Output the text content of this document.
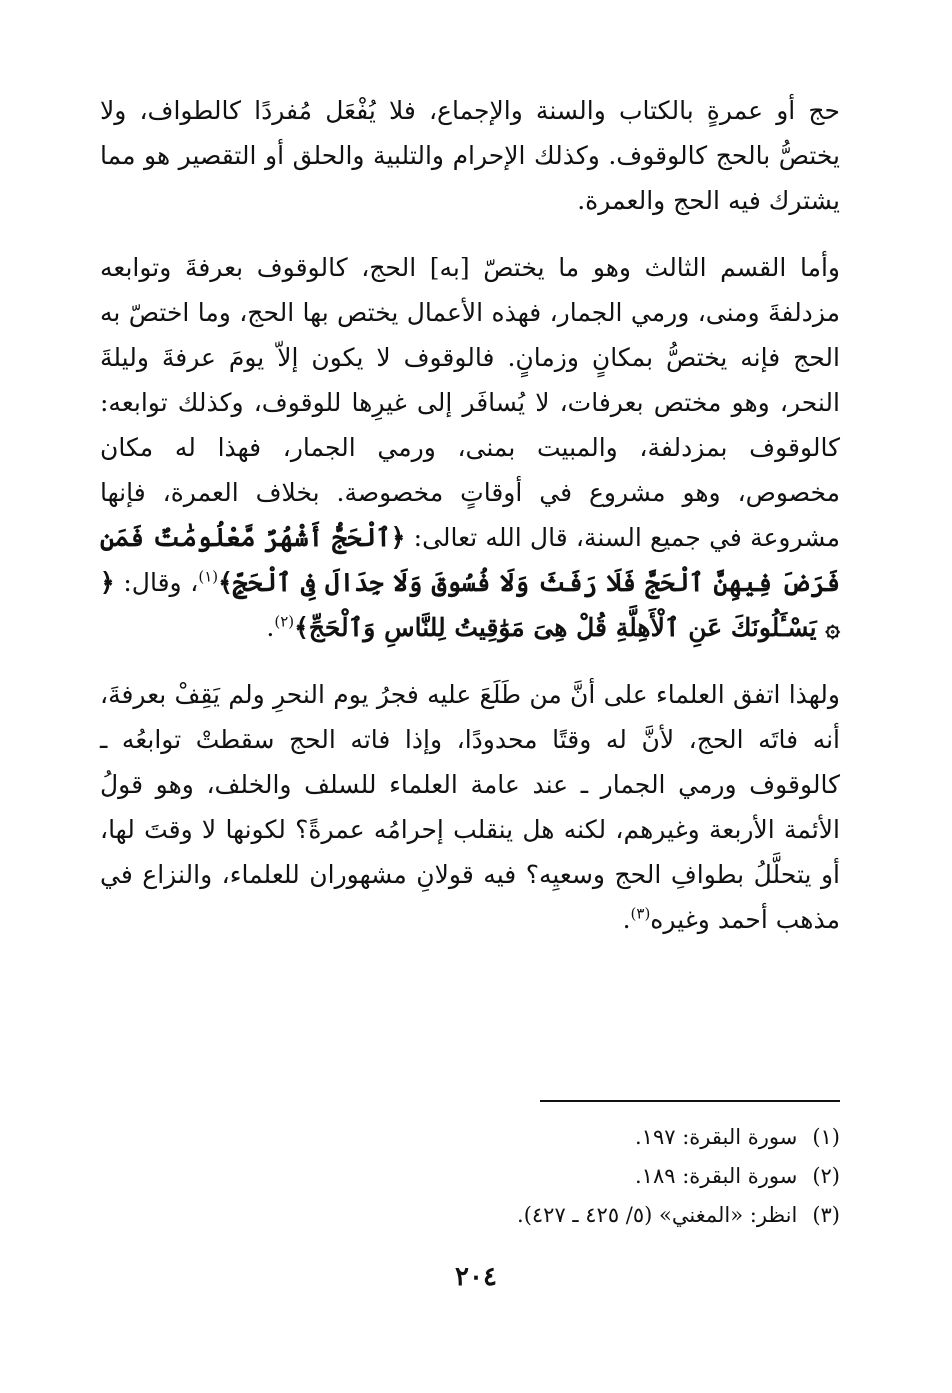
حج أو عمرةٍ بالكتاب والسنة والإجماع، فلا يُفْعَل مُفردًا كالطواف، ولا يختصُّ بالحج كالوقوف. وكذلك الإحرام والتلبية والحلق أو التقصير هو مما يشترك فيه الحج والعمرة.

وأما القسم الثالث وهو ما يختصّ [به] الحج، كالوقوف بعرفةَ وتوابعه مزدلفةَ ومنى، ورمي الجمار، فهذه الأعمال يختص بها الحج، وما اختصّ به الحج فإنه يختصُّ بمكانٍ وزمانٍ. فالوقوف لا يكون إلاّ يومَ عرفةَ وليلةَ النحر، وهو مختص بعرفات، لا يُسافَر إلى غيرِها للوقوف، وكذلك توابعه: كالوقوف بمزدلفة، والمبيت بمنى، ورمي الجمار، فهذا له مكان مخصوص، وهو مشروع في أوقاتٍ مخصوصة. بخلاف العمرة، فإنها مشروعة في جميع السنة، قال الله تعالى: ﴿ٱلْحَجُّ أَشْهُرٌ مَّعْلُومَٰتٌ فَمَن فَرَضَ فِيهِنَّ ٱلْحَجَّ فَلَا رَفَثَ وَلَا فُسُوقَ وَلَا جِدَالَ فِى ٱلْحَجِّ﴾$^{(١)}$، وقال: ﴿ ۞ يَسْـَٔلُونَكَ عَنِ ٱلْأَهِلَّةِ قُلْ هِىَ مَوَٰقِيتُ لِلنَّاسِ وَٱلْحَجِّ﴾$^{(٢)}$.

ولهذا اتفق العلماء على أنَّ من طَلَعَ عليه فجرُ يوم النحرِ ولم يَقِفْ بعرفةَ، أنه فاتَه الحج، لأنَّ له وقتًا محدودًا، وإذا فاته الحج سقطتْ توابعُه ـ كالوقوف ورمي الجمار ـ عند عامة العلماء للسلف والخلف، وهو قولُ الأئمة الأربعة وغيرهم، لكنه هل ينقلب إحرامُه عمرةً؟ لكونها لا وقتَ لها، أو يتحلَّلُ بطوافِ الحج وسعيِه؟ فيه قولانِ مشهوران للعلماء، والنزاع في مذهب أحمد وغيره$^{(٣)}$.

(١) سورة البقرة: ١٩٧.

(٢) سورة البقرة: ١٨٩.

(٣) انظر: «المغني» (٥/ ٤٢٥ ـ ٤٢٧).

٢٠٤
